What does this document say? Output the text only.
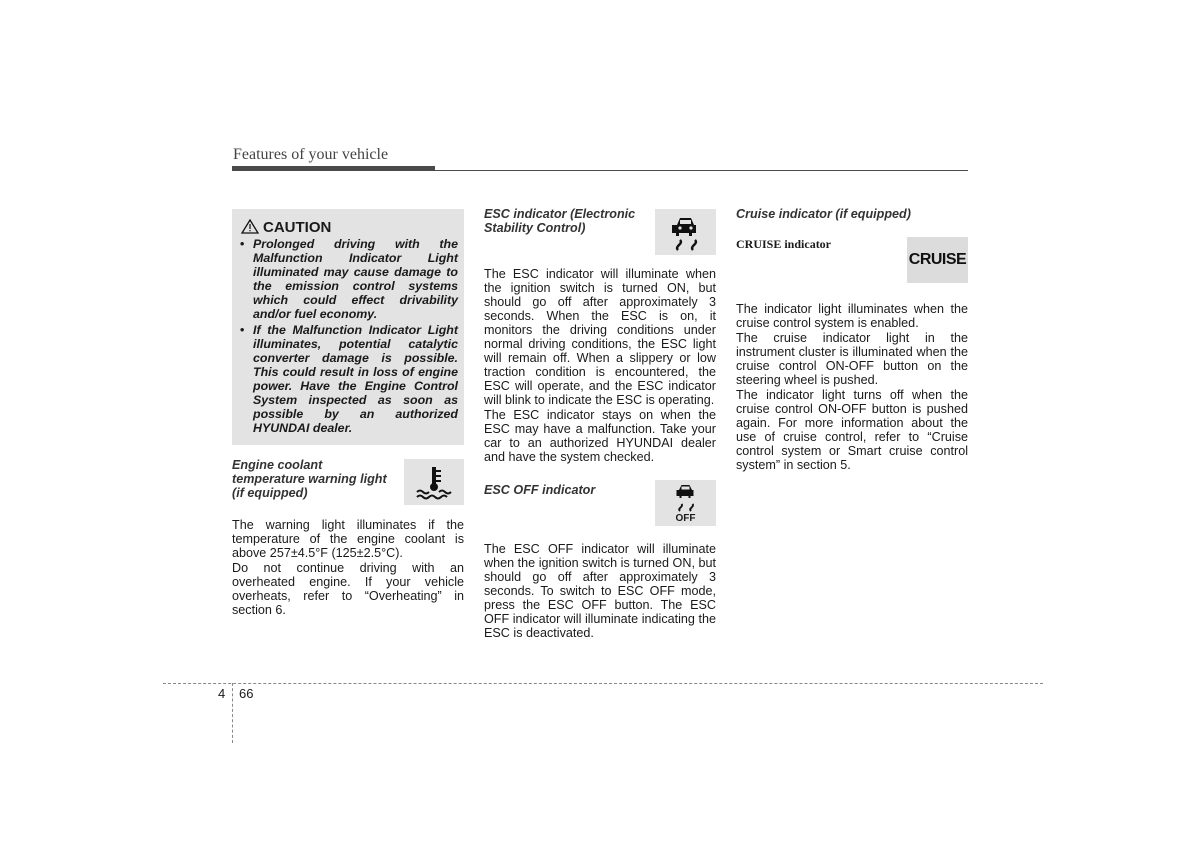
Features of your vehicle
CAUTION
• Prolonged driving with the Malfunction Indicator Light illuminated may cause damage to the emission control systems which could effect drivability and/or fuel economy.
• If the Malfunction Indicator Light illuminates, potential catalytic converter damage is possible. This could result in loss of engine power. Have the Engine Control System inspected as soon as possible by an authorized HYUNDAI dealer.
Engine coolant
temperature warning light
(if equipped)

The warning light illuminates if the temperature of the engine coolant is above 257±4.5°F (125±2.5°C).

Do not continue driving with an overheated engine. If your vehicle overheats, refer to “Overheating” in section 6.

ESC indicator (Electronic
Stability Control)

The ESC indicator will illuminate when the ignition switch is turned ON, but should go off after approximately 3 seconds. When the ESC is on, it monitors the driving conditions under normal driving conditions, the ESC light will remain off. When a slippery or low traction condition is encountered, the ESC will operate, and the ESC indicator will blink to indicate the ESC is operating.

The ESC indicator stays on when the ESC may have a malfunction. Take your car to an authorized HYUNDAI dealer and have the system checked.

ESC OFF indicator
OFF

The ESC OFF indicator will illuminate when the ignition switch is turned ON, but should go off after approximately 3 seconds. To switch to ESC OFF mode, press the ESC OFF button. The ESC OFF indicator will illuminate indicating the ESC is deactivated.

Cruise indicator (if equipped)
CRUISE indicator
CRUISE

The indicator light illuminates when the cruise control system is enabled.

The cruise indicator light in the instrument cluster is illuminated when the cruise control ON-OFF button on the steering wheel is pushed.

The indicator light turns off when the cruise control ON-OFF button is pushed again. For more information about the use of cruise control, refer to “Cruise control system or Smart cruise control system” in section 5.

4 66
